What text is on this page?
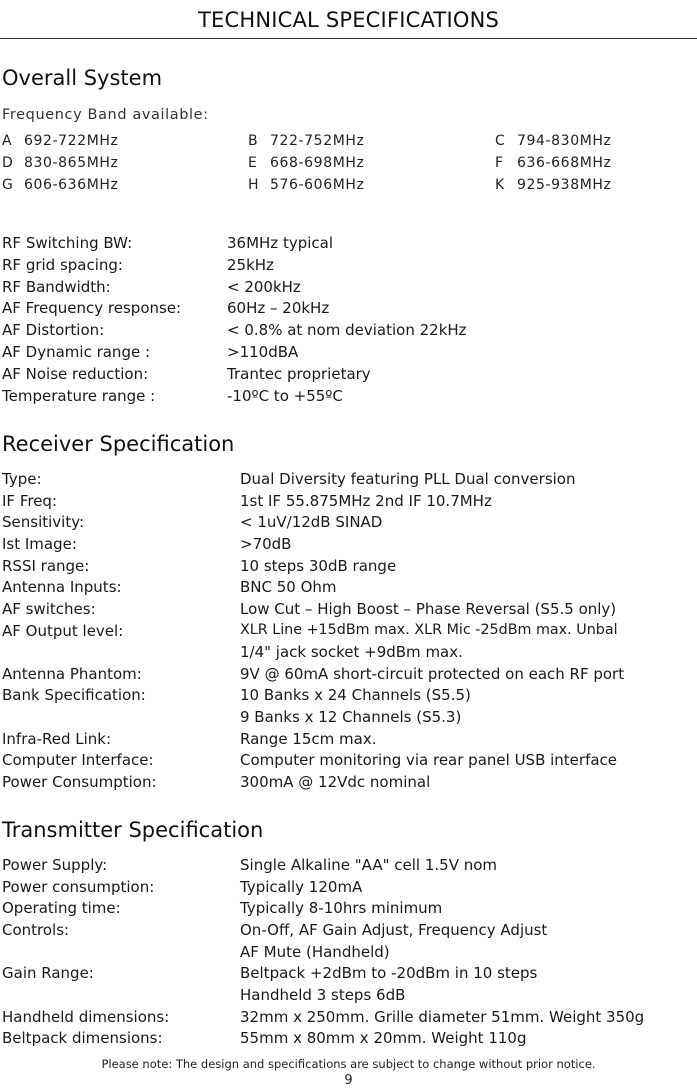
TECHNICAL SPECIFICATIONS
Overall System
Frequency Band available:
A 692-722MHz	B 722-752MHz	C 794-830MHz
D 830-865MHz	E 668-698MHz	F 636-668MHz
G 606-636MHz	H 576-606MHz	K 925-938MHz
RF Switching BW:	36MHz typical
RF grid spacing:	25kHz
RF Bandwidth:	< 200kHz
AF Frequency response:	60Hz – 20kHz
AF Distortion:	< 0.8% at nom deviation 22kHz
AF Dynamic range :	>110dBA
AF Noise reduction:	Trantec proprietary
Temperature range :	-10ºC to +55ºC
Receiver Specification
Type:	Dual Diversity featuring PLL Dual conversion
IF Freq:	1st IF 55.875MHz 2nd IF 10.7MHz
Sensitivity:	< 1uV/12dB SINAD
Ist Image:	>70dB
RSSI range:	10 steps 30dB range
Antenna Inputs:	BNC 50 Ohm
AF switches:	Low Cut – High Boost – Phase Reversal (S5.5 only)
AF Output level:	XLR Line +15dBm max. XLR Mic -25dBm max. Unbal
1/4" jack socket +9dBm max.
Antenna Phantom:	9V @ 60mA short-circuit protected on each RF port
Bank Specification:	10 Banks x 24 Channels (S5.5)
9 Banks x 12 Channels (S5.3)
Infra-Red Link:	Range 15cm max.
Computer Interface:	Computer monitoring via rear panel USB interface
Power Consumption:	300mA @ 12Vdc nominal
Transmitter Specification
Power Supply:	Single Alkaline "AA" cell 1.5V nom
Power consumption:	Typically 120mA
Operating time:	Typically 8-10hrs minimum
Controls:	On-Off, AF Gain Adjust, Frequency Adjust
AF Mute (Handheld)
Gain Range:	Beltpack +2dBm to -20dBm in 10 steps
Handheld 3 steps 6dB
Handheld dimensions:	32mm x 250mm. Grille diameter 51mm. Weight 350g
Beltpack dimensions:	55mm x 80mm x 20mm. Weight 110g
Please note: The design and specifications are subject to change without prior notice.
9
